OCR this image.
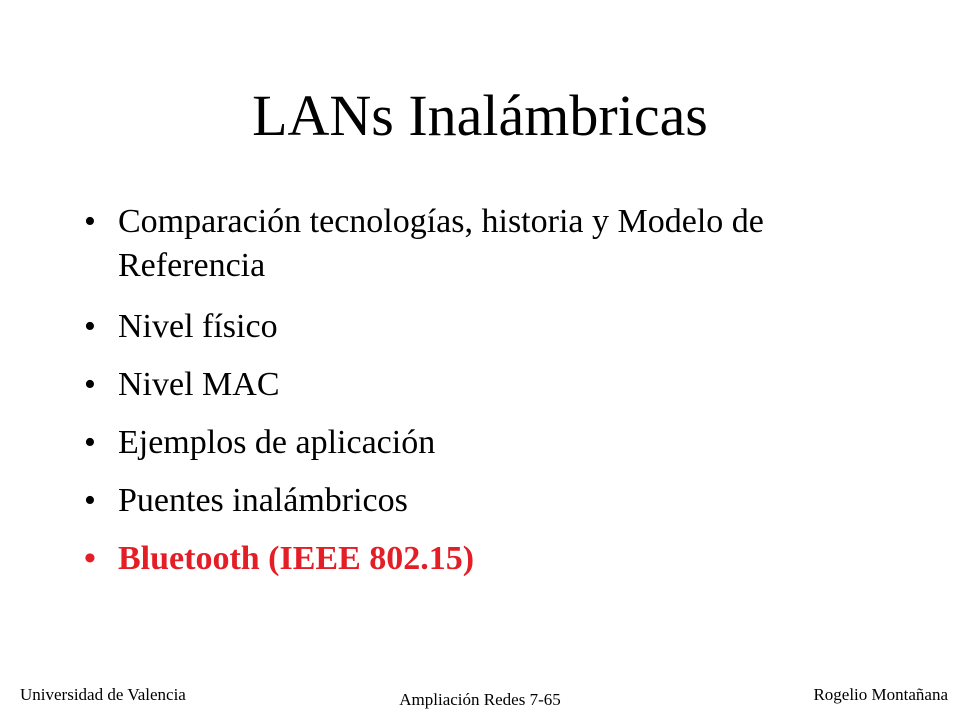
LANs Inalámbricas
• Comparación tecnologías, historia y Modelo de Referencia
• Nivel físico
• Nivel MAC
• Ejemplos de aplicación
• Puentes inalámbricos
• Bluetooth (IEEE 802.15)
Universidad de Valencia	Ampliación Redes 7-65	Rogelio Montañana
